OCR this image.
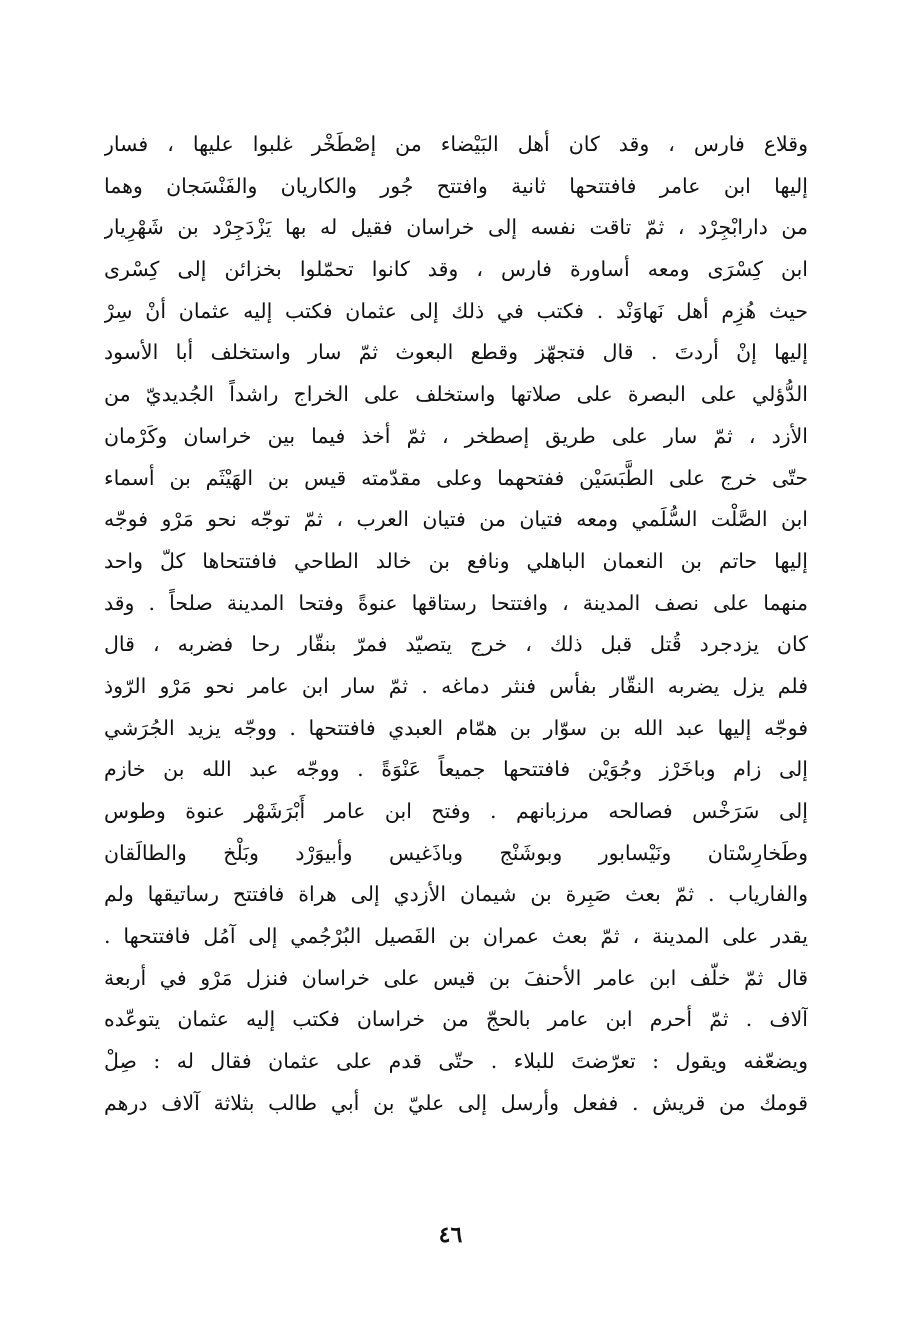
وقلاع فارس ، وقد كان أهل البَيْضاء من إصْطَخْر غلبوا عليها ، فسار
إليها ابن عامر فافتتحها ثانية وافتتح جُور والكاريان والفَنْسَجان وهما
من دارابْجِرْد ، ثمّ تاقت نفسه إلى خراسان فقيل له بها يَزْدَجِرْد بن شَهْرِيار
ابن كِسْرَى ومعه أساورة فارس ، وقد كانوا تحمّلوا بخزائن إلى كِسْرى
حيث هُزِم أهل نَهاوَنْد . فكتب في ذلك إلى عثمان فكتب إليه عثمان أنْ سِرْ
إليها إنْ أردتَ . قال فتجهّز وقطع البعوث ثمّ سار واستخلف أبا الأسود
الدُّؤلي على البصرة على صلاتها واستخلف على الخراج راشداً الجُديديّ من
الأزد ، ثمّ سار على طريق إصطخر ، ثمّ أخذ فيما بين خراسان وكَرْمان
حتّى خرج على الطَّبَسَيْن ففتحهما وعلى مقدّمته قيس بن الهَيْثَم بن أسماء
ابن الصَّلْت السُّلَمي ومعه فتيان من فتيان العرب ، ثمّ توجّه نحو مَرْو فوجّه
إليها حاتم بن النعمان الباهلي ونافع بن خالد الطاحي فافتتحاها كلّ واحد
منهما على نصف المدينة ، وافتتحا رستاقها عنوةً وفتحا المدينة صلحاً . وقد
كان يزدجرد قُتل قبل ذلك ، خرج يتصيّد فمرّ بنقّار رحا فضربه ، قال
فلم يزل يضربه النقّار بفأس فنثر دماغه . ثمّ سار ابن عامر نحو مَرْو الرّوذ
فوجّه إليها عبد الله بن سوّار بن همّام العبدي فافتتحها . ووجّه يزيد الجُرَشي
إلى زام وباخَرْز وجُوَيْن فافتتحها جميعاً عَنْوَةً . ووجّه عبد الله بن خازم
إلى سَرَخْس فصالحه مرزبانهم . وفتح ابن عامر أَبْرَشَهْر عنوة وطوس
وطَخارِسْتان ونَيْسابور وبوشَنْج وباذَغيس وأبيوَرْد وبَلْخ والطالَقان
والفارياب . ثمّ بعث صَبِرة بن شيمان الأزدي إلى هراة فافتتح رساتيقها ولم
يقدر على المدينة ، ثمّ بعث عمران بن الفَصيل البُرْجُمي إلى آمُل فافتتحها .
قال ثمّ خلّف ابن عامر الأحنفَ بن قيس على خراسان فنزل مَرْو في أربعة
آلاف . ثمّ أحرم ابن عامر بالحجّ من خراسان فكتب إليه عثمان يتوعّده
ويضعّفه ويقول : تعرّضتَ للبلاء . حتّى قدم على عثمان فقال له : صِلْ
قومك من قريش . ففعل وأرسل إلى عليّ بن أبي طالب بثلاثة آلاف درهم
٤٦
